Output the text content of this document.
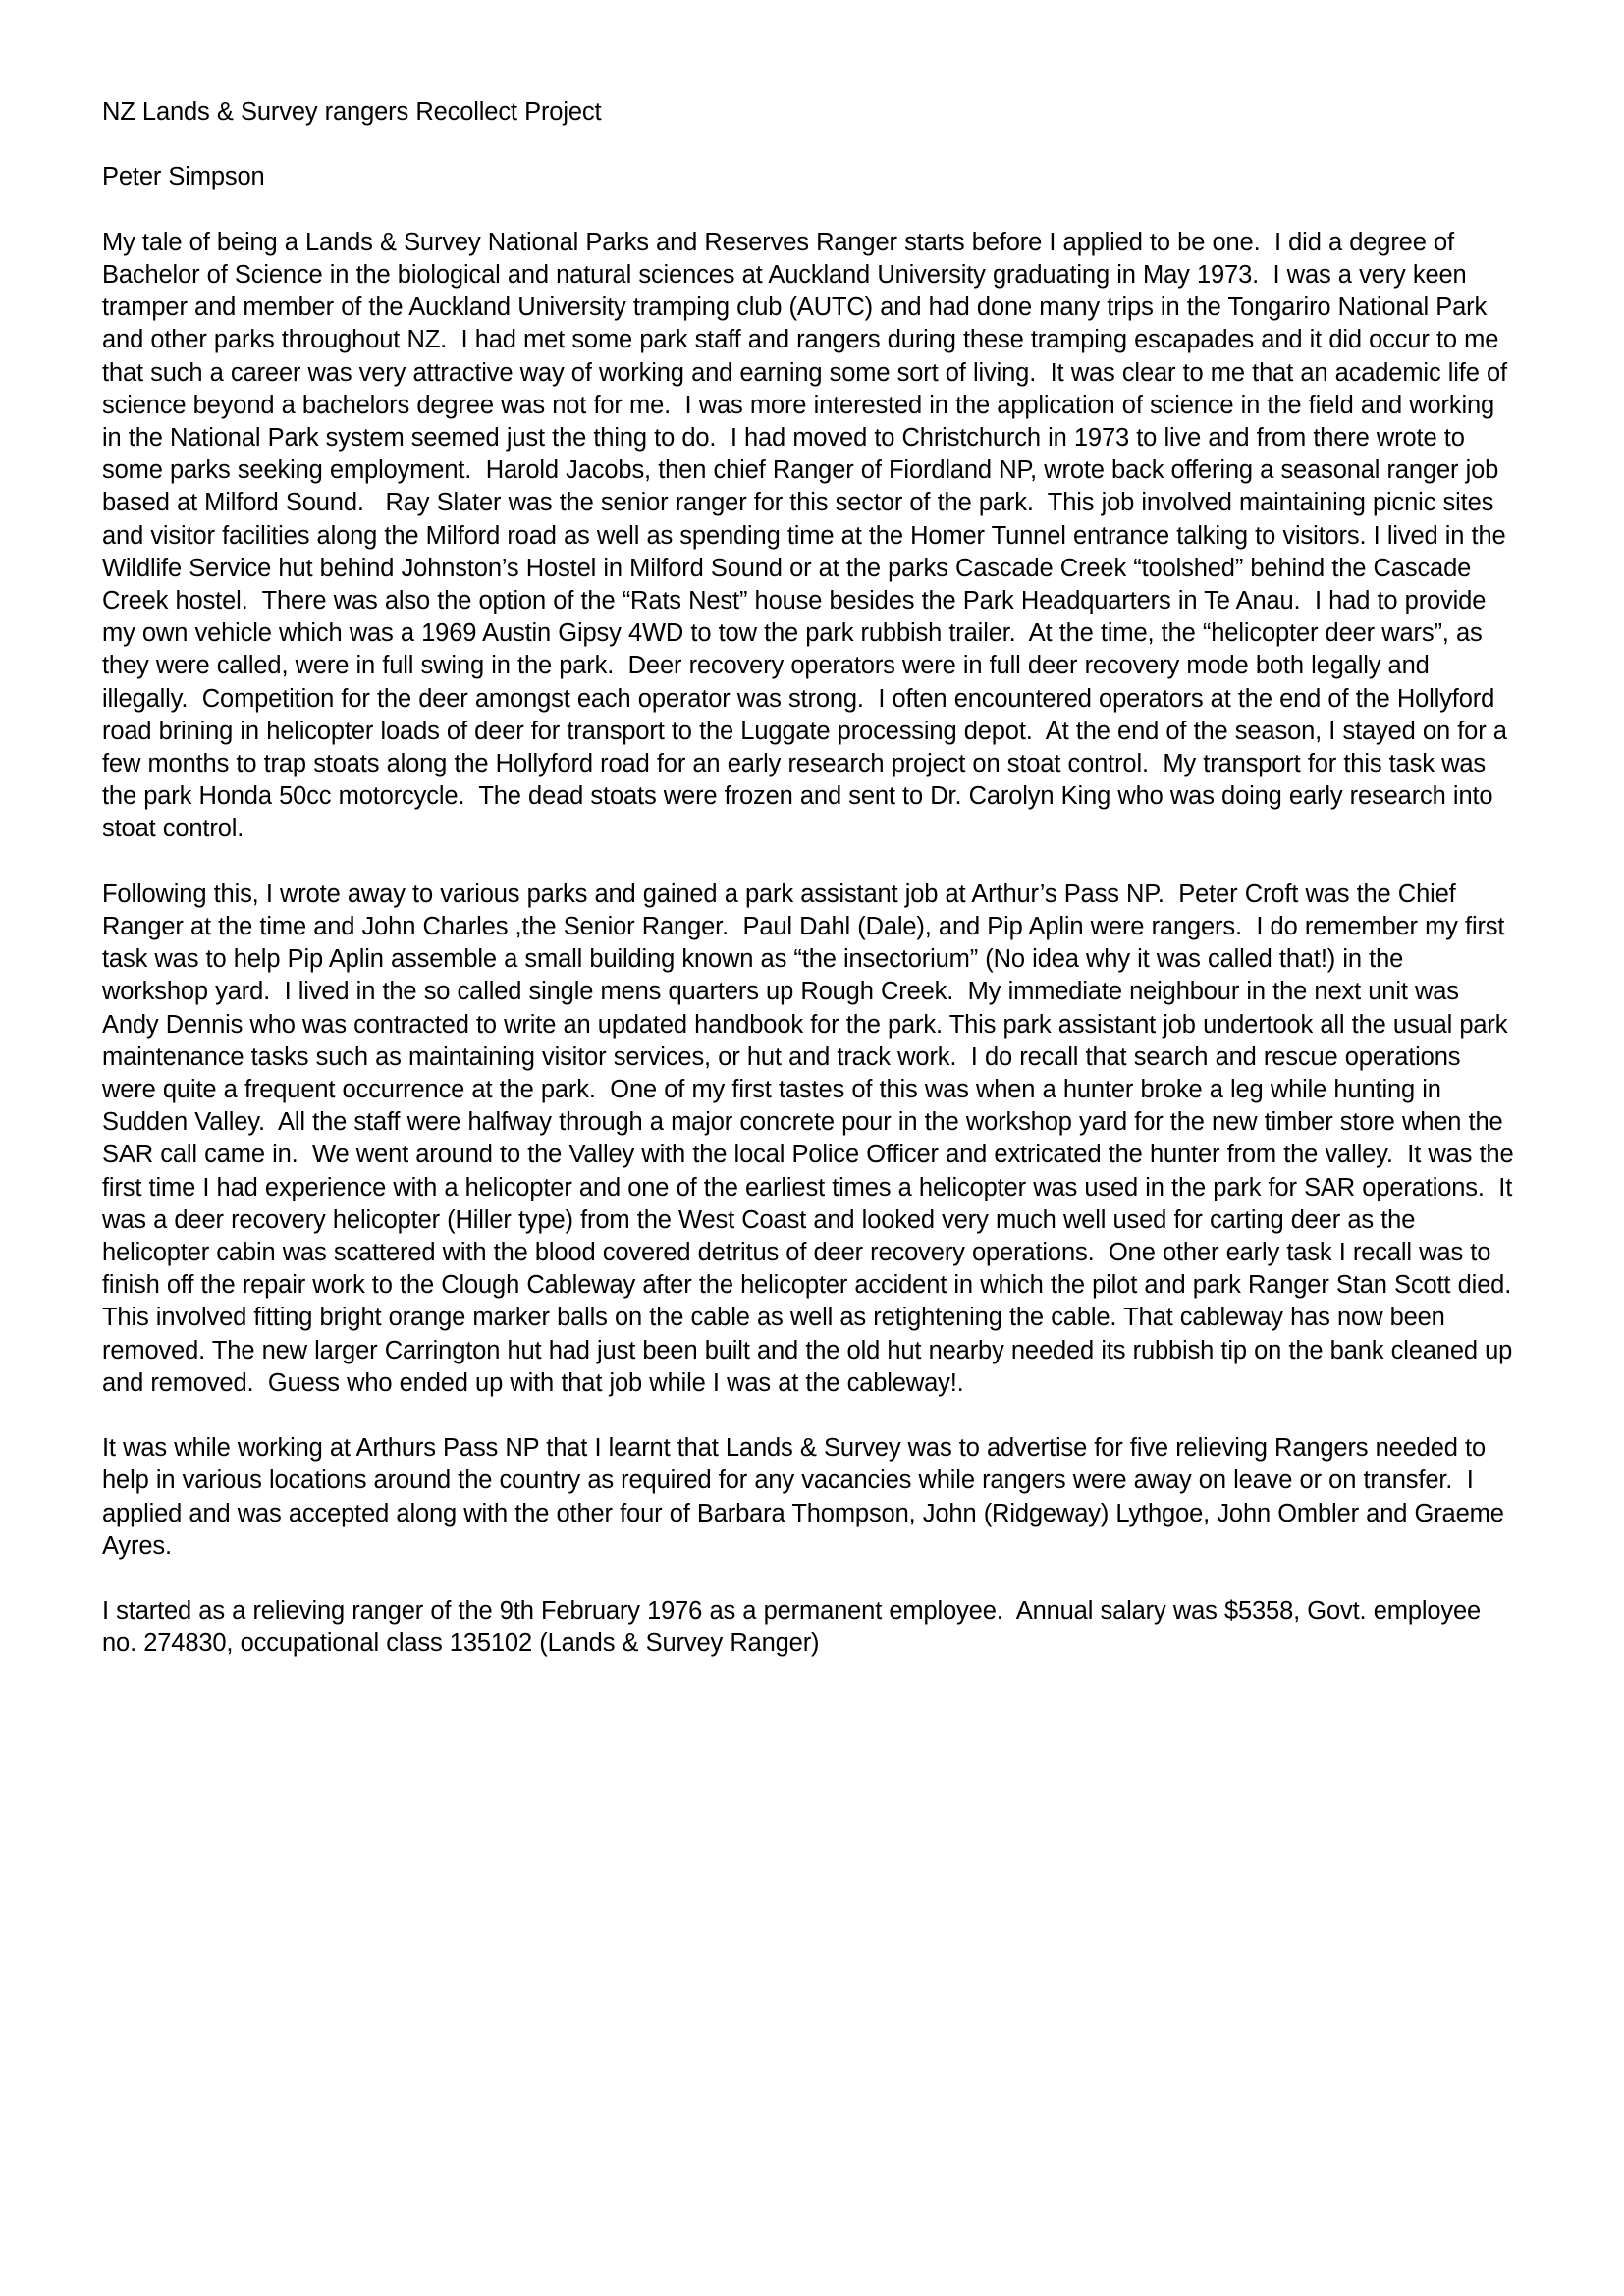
NZ Lands & Survey rangers Recollect Project

Peter Simpson

My tale of being a Lands & Survey National Parks and Reserves Ranger starts before I applied to be one.  I did a degree of Bachelor of Science in the biological and natural sciences at Auckland University graduating in May 1973.  I was a very keen tramper and member of the Auckland University tramping club (AUTC) and had done many trips in the Tongariro National Park and other parks throughout NZ.  I had met some park staff and rangers during these tramping escapades and it did occur to me that such a career was very attractive way of working and earning some sort of living.  It was clear to me that an academic life of science beyond a bachelors degree was not for me.  I was more interested in the application of science in the field and working in the National Park system seemed just the thing to do.  I had moved to Christchurch in 1973 to live and from there wrote to some parks seeking employment.  Harold Jacobs, then chief Ranger of Fiordland NP, wrote back offering a seasonal ranger job based at Milford Sound.   Ray Slater was the senior ranger for this sector of the park.  This job involved maintaining picnic sites and visitor facilities along the Milford road as well as spending time at the Homer Tunnel entrance talking to visitors. I lived in the Wildlife Service hut behind Johnston’s Hostel in Milford Sound or at the parks Cascade Creek “toolshed” behind the Cascade Creek hostel.  There was also the option of the “Rats Nest” house besides the Park Headquarters in Te Anau.  I had to provide my own vehicle which was a 1969 Austin Gipsy 4WD to tow the park rubbish trailer.  At the time, the “helicopter deer wars”, as they were called, were in full swing in the park.  Deer recovery operators were in full deer recovery mode both legally and  illegally.  Competition for the deer amongst each operator was strong.  I often encountered operators at the end of the Hollyford road brining in helicopter loads of deer for transport to the Luggate processing depot.  At the end of the season, I stayed on for a few months to trap stoats along the Hollyford road for an early research project on stoat control.  My transport for this task was the park Honda 50cc motorcycle.  The dead stoats were frozen and sent to Dr. Carolyn King who was doing early research into stoat control.

Following this, I wrote away to various parks and gained a park assistant job at Arthur’s Pass NP.  Peter Croft was the Chief Ranger at the time and John Charles ,the Senior Ranger.  Paul Dahl (Dale), and Pip Aplin were rangers.  I do remember my first task was to help Pip Aplin assemble a small building known as “the insectorium” (No idea why it was called that!) in the workshop yard.  I lived in the so called single mens quarters up Rough Creek.  My immediate neighbour in the next unit was Andy Dennis who was contracted to write an updated handbook for the park. This park assistant job undertook all the usual park maintenance tasks such as maintaining visitor services, or hut and track work.  I do recall that search and rescue operations were quite a frequent occurrence at the park.  One of my first tastes of this was when a hunter broke a leg while hunting in Sudden Valley.  All the staff were halfway through a major concrete pour in the workshop yard for the new timber store when the SAR call came in.  We went around to the Valley with the local Police Officer and extricated the hunter from the valley.  It was the first time I had experience with a helicopter and one of the earliest times a helicopter was used in the park for SAR operations.  It was a deer recovery helicopter (Hiller type) from the West Coast and looked very much well used for carting deer as the helicopter cabin was scattered with the blood covered detritus of deer recovery operations.  One other early task I recall was to finish off the repair work to the Clough Cableway after the helicopter accident in which the pilot and park Ranger Stan Scott died.  This involved fitting bright orange marker balls on the cable as well as retightening the cable. That cableway has now been removed. The new larger Carrington hut had just been built and the old hut nearby needed its rubbish tip on the bank cleaned up and removed.  Guess who ended up with that job while I was at the cableway!.

It was while working at Arthurs Pass NP that I learnt that Lands & Survey was to advertise for five relieving Rangers needed to help in various locations around the country as required for any vacancies while rangers were away on leave or on transfer.  I applied and was accepted along with the other four of Barbara Thompson, John (Ridgeway) Lythgoe, John Ombler and Graeme Ayres.

I started as a relieving ranger of the 9th February 1976 as a permanent employee.  Annual salary was $5358, Govt. employee no. 274830, occupational class 135102 (Lands & Survey Ranger)
